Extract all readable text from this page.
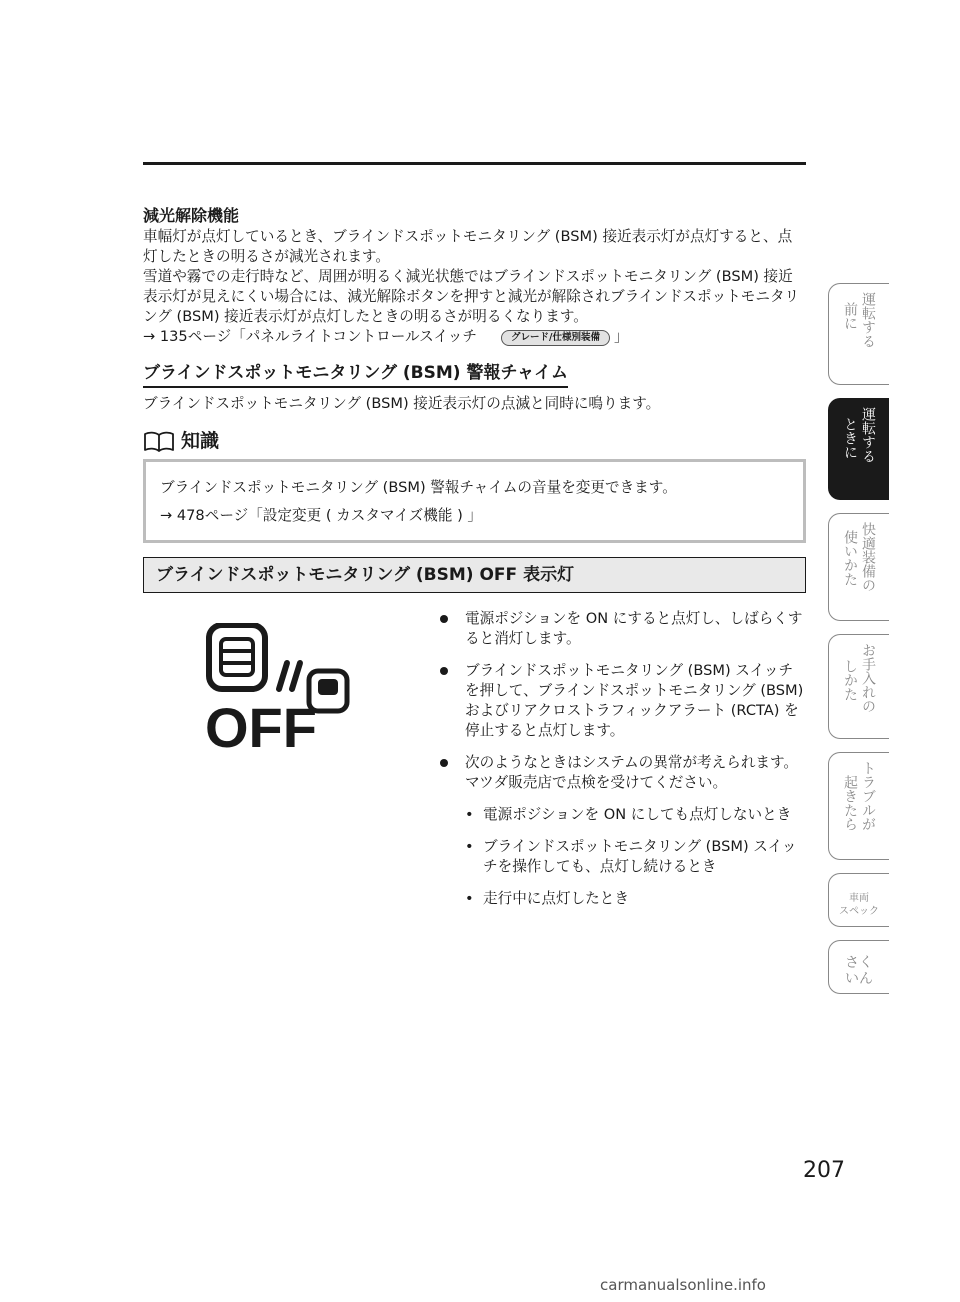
減光解除機能

車幅灯が点灯しているとき、ブラインドスポットモニタリング (BSM) 接近表示灯が点灯すると、点灯したときの明るさが減光されます。

雪道や霧での走行時など、周囲が明るく減光状態ではブラインドスポットモニタリング (BSM) 接近表示灯が見えにくい場合には、減光解除ボタンを押すと減光が解除されブラインドスポットモニタリング (BSM) 接近表示灯が点灯したときの明るさが明るくなります。

→ 135ページ「パネルライトコントロールスイッチ	グレード/仕様別装備 」

ブラインドスポットモニタリング (BSM) 警報チャイム

ブラインドスポットモニタリング (BSM) 接近表示灯の点滅と同時に鳴ります。

知識

ブラインドスポットモニタリング (BSM) 警報チャイムの音量を変更できます。

→ 478ページ「設定変更 ( カスタマイズ機能 ) 」

ブラインドスポットモニタリング (BSM) OFF 表示灯
OFF
電源ポジションを ON にすると点灯し、しばらくすると消灯します。
ブラインドスポットモニタリング (BSM) スイッチを押して、ブラインドスポットモニタリング (BSM) およびリアクロストラフィックアラート (RCTA) を停止すると点灯します。
次のようなときはシステムの異常が考えられます。マツダ販売店で点検を受けてください。
• 電源ポジションを ON にしても点灯しないとき
• ブラインドスポットモニタリング (BSM) スイッチを操作しても、点灯し続けるとき
• 走行中に点灯したとき
運転する
前に
運転する
ときに
快適装備の
使いかた
お手入れの
しかた
トラブルが
起きたら
車両
スペック
さく
いん
207
carmanualsonline.info
